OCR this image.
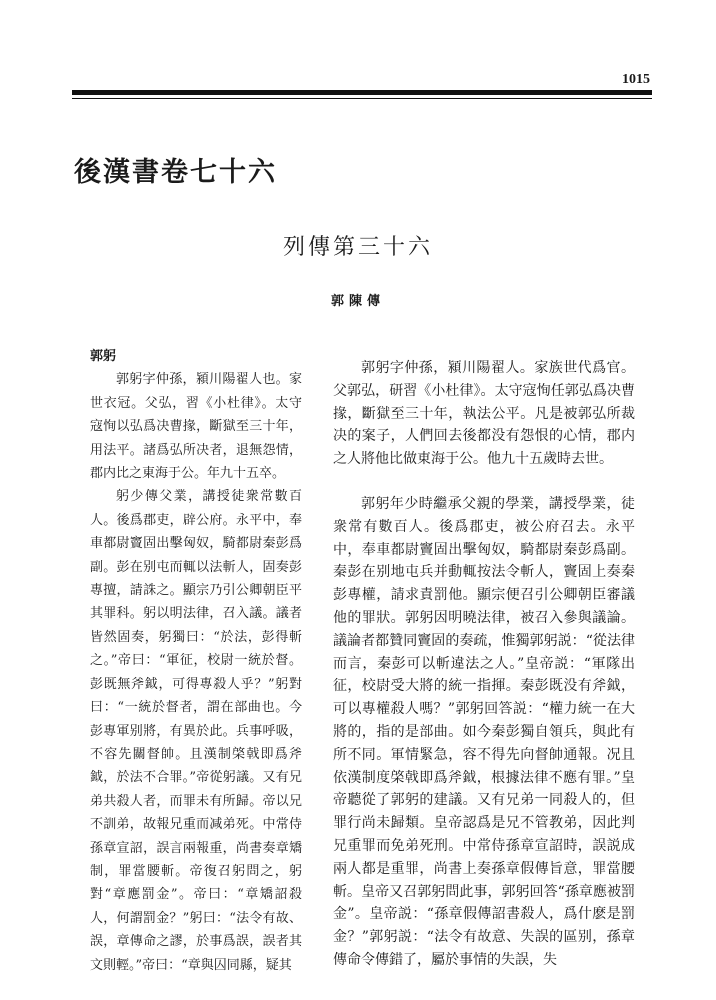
1015
後漢書卷七十六
列傳第三十六
郭陳傳

郭躬

郭躬字仲孫，潁川陽翟人也。家世衣冠。父弘，習《小杜律》。太守寇恂以弘爲决曹掾，斷獄至三十年，用法平。諸爲弘所决者，退無怨情，郡内比之東海于公。年九十五卒。

躬少傳父業，講授徒衆常數百人。後爲郡吏，辟公府。永平中，奉車都尉竇固出擊匈奴，騎都尉秦彭爲副。彭在别屯而輒以法斬人，固奏彭專擅，請誅之。顯宗乃引公卿朝臣平其罪科。躬以明法律，召入議。議者皆然固奏，躬獨曰：“於法，彭得斬之。”帝曰：“軍征，校尉一統於督。彭既無斧鉞，可得專殺人乎？”躬對曰：“一統於督者，謂在部曲也。今彭專軍别將，有異於此。兵事呼吸，不容先關督帥。且漢制棨戟即爲斧鉞，於法不合罪。”帝從躬議。又有兄弟共殺人者，而罪未有所歸。帝以兄不訓弟，故報兄重而减弟死。中常侍孫章宣詔，誤言兩報重，尚書奏章矯制，罪當腰斬。帝復召躬問之，躬對“章應罰金”。帝曰：“章矯詔殺人，何謂罰金？”躬曰：“法令有故、誤，章傳命之謬，於事爲誤，誤者其文則輕。”帝曰：“章與囚同縣，疑其

郭躬字仲孫，潁川陽翟人。家族世代爲官。父郭弘，研習《小杜律》。太守寇恂任郭弘爲决曹掾，斷獄至三十年，執法公平。凡是被郭弘所裁决的案子，人們回去後都没有怨恨的心情，郡内之人將他比做東海于公。他九十五歲時去世。

郭躬年少時繼承父親的學業，講授學業，徒衆常有數百人。後爲郡吏，被公府召去。永平中，奉車都尉竇固出擊匈奴，騎都尉秦彭爲副。秦彭在别地屯兵并動輒按法令斬人，竇固上奏秦彭專權，請求責罰他。顯宗便召引公卿朝臣審議他的罪狀。郭躬因明曉法律，被召入參與議論。議論者都贊同竇固的奏疏，惟獨郭躬説：“從法律而言，秦彭可以斬違法之人。”皇帝説：“軍隊出征，校尉受大將的統一指揮。秦彭既没有斧鉞，可以專權殺人嗎？”郭躬回答説：“權力統一在大將的，指的是部曲。如今秦彭獨自領兵，與此有所不同。軍情緊急，容不得先向督帥通報。况且依漢制度棨戟即爲斧鉞，根據法律不應有罪。”皇帝聽從了郭躬的建議。又有兄弟一同殺人的，但罪行尚未歸類。皇帝認爲是兄不管教弟，因此判兄重罪而免弟死刑。中常侍孫章宣詔時，誤説成兩人都是重罪，尚書上奏孫章假傳旨意，罪當腰斬。皇帝又召郭躬問此事，郭躬回答“孫章應被罰金”。皇帝説：“孫章假傳詔書殺人，爲什麽是罰金？”郭躬説：“法令有故意、失誤的區别，孫章傳命令傳錯了，屬於事情的失誤，失
